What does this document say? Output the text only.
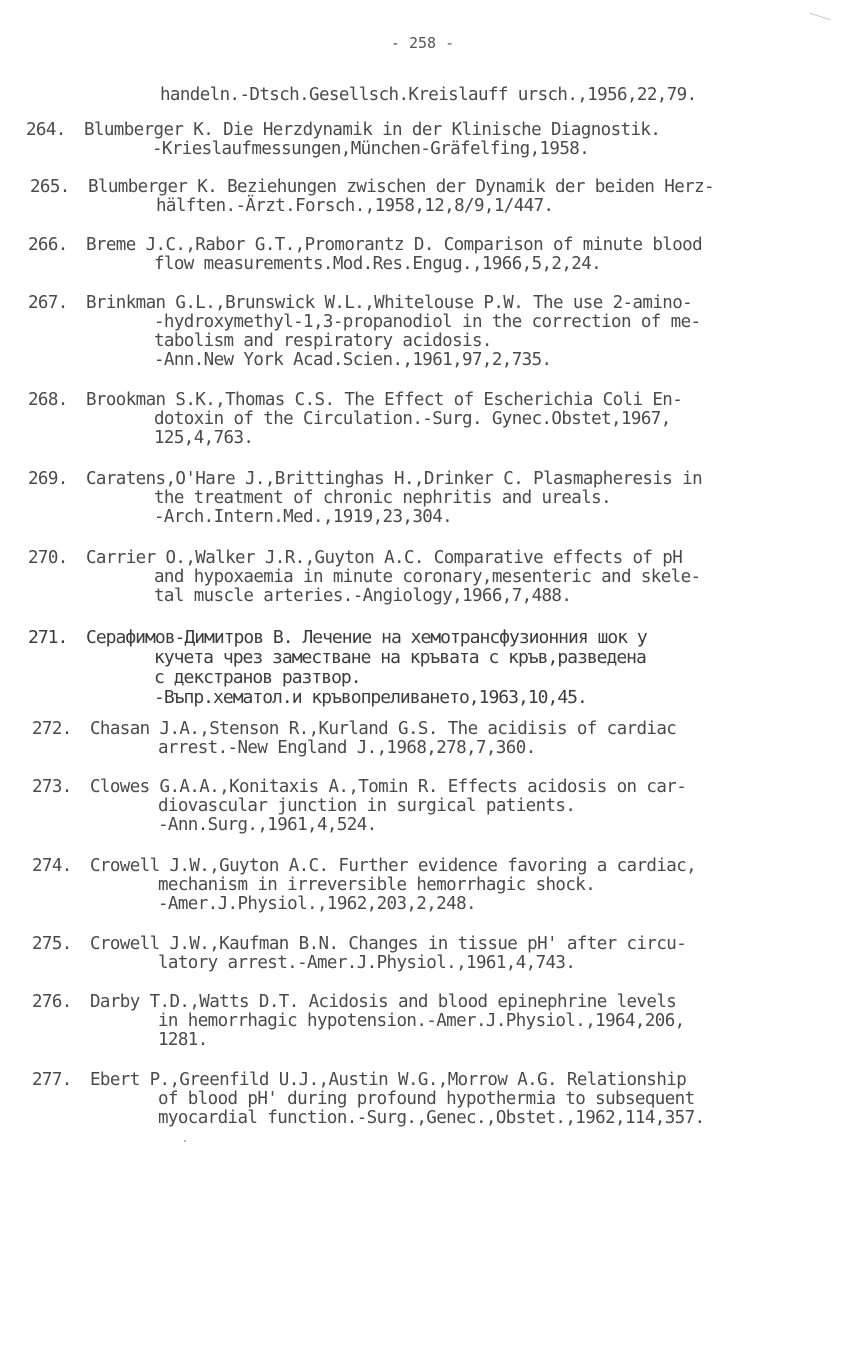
- 258 -
handeln.-Dtsch.Gesellsch.Kreislauff ursch.,1956,22,79.
264. Blumberger K. Die Herzdynamik in der Klinische Diagnostik.
-Krieslaufmessungen,München-Gräfelfing,1958.
265. Blumberger K. Beziehungen zwischen der Dynamik der beiden Herz-
hälften.-Ärzt.Forsch.,1958,12,8/9,1/447.
266. Breme J.C.,Rabor G.T.,Promorantz D. Comparison of minute blood
flow measurements.Mod.Res.Engug.,1966,5,2,24.
267. Brinkman G.L.,Brunswick W.L.,Whitelouse P.W. The use 2-amino-
-hydroxymethyl-1,3-propanodiol in the correction of me-
tabolism and respiratory acidosis.
-Ann.New York Acad.Scien.,1961,97,2,735.
268. Brookman S.K.,Thomas C.S. The Effect of Escherichia Coli En-
dotoxin of the Circulation.-Surg. Gynec.Obstet,1967,
125,4,763.
269. Caratens,O'Hare J.,Brittinghas H.,Drinker C. Plasmapheresis in
the treatment of chronic nephritis and ureals.
-Arch.Intern.Med.,1919,23,304.
270. Carrier O.,Walker J.R.,Guyton A.C. Comparative effects of pH
and hypoxaemia in minute coronary,mesenteric and skele-
tal muscle arteries.-Angiology,1966,7,488.
271. Серафимов-Димитров В. Лечение на хемотрансфузионния шок у
кучета чрез заместване на кръвата с кръв,разведена
с декстранов разтвор.
-Въпр.хематол.и кръвопреливането,1963,10,45.
272. Chasan J.A.,Stenson R.,Kurland G.S. The acidisis of cardiac
arrest.-New England J.,1968,278,7,360.
273. Clowes G.A.A.,Konitaxis A.,Tomin R. Effects acidosis on car-
diovascular junction in surgical patients.
-Ann.Surg.,1961,4,524.
274. Crowell J.W.,Guyton A.C. Further evidence favoring a cardiac,
mechanism in irreversible hemorrhagic shock.
-Amer.J.Physiol.,1962,203,2,248.
275. Crowell J.W.,Kaufman B.N. Changes in tissue pH' after circu-
latory arrest.-Amer.J.Physiol.,1961,4,743.
276. Darby T.D.,Watts D.T. Acidosis and blood epinephrine levels
in hemorrhagic hypotension.-Amer.J.Physiol.,1964,206,
1281.
277. Ebert P.,Greenfild U.J.,Austin W.G.,Morrow A.G. Relationship
of blood pH' during profound hypothermia to subsequent
myocardial function.-Surg.,Genec.,Obstet.,1962,114,357.
